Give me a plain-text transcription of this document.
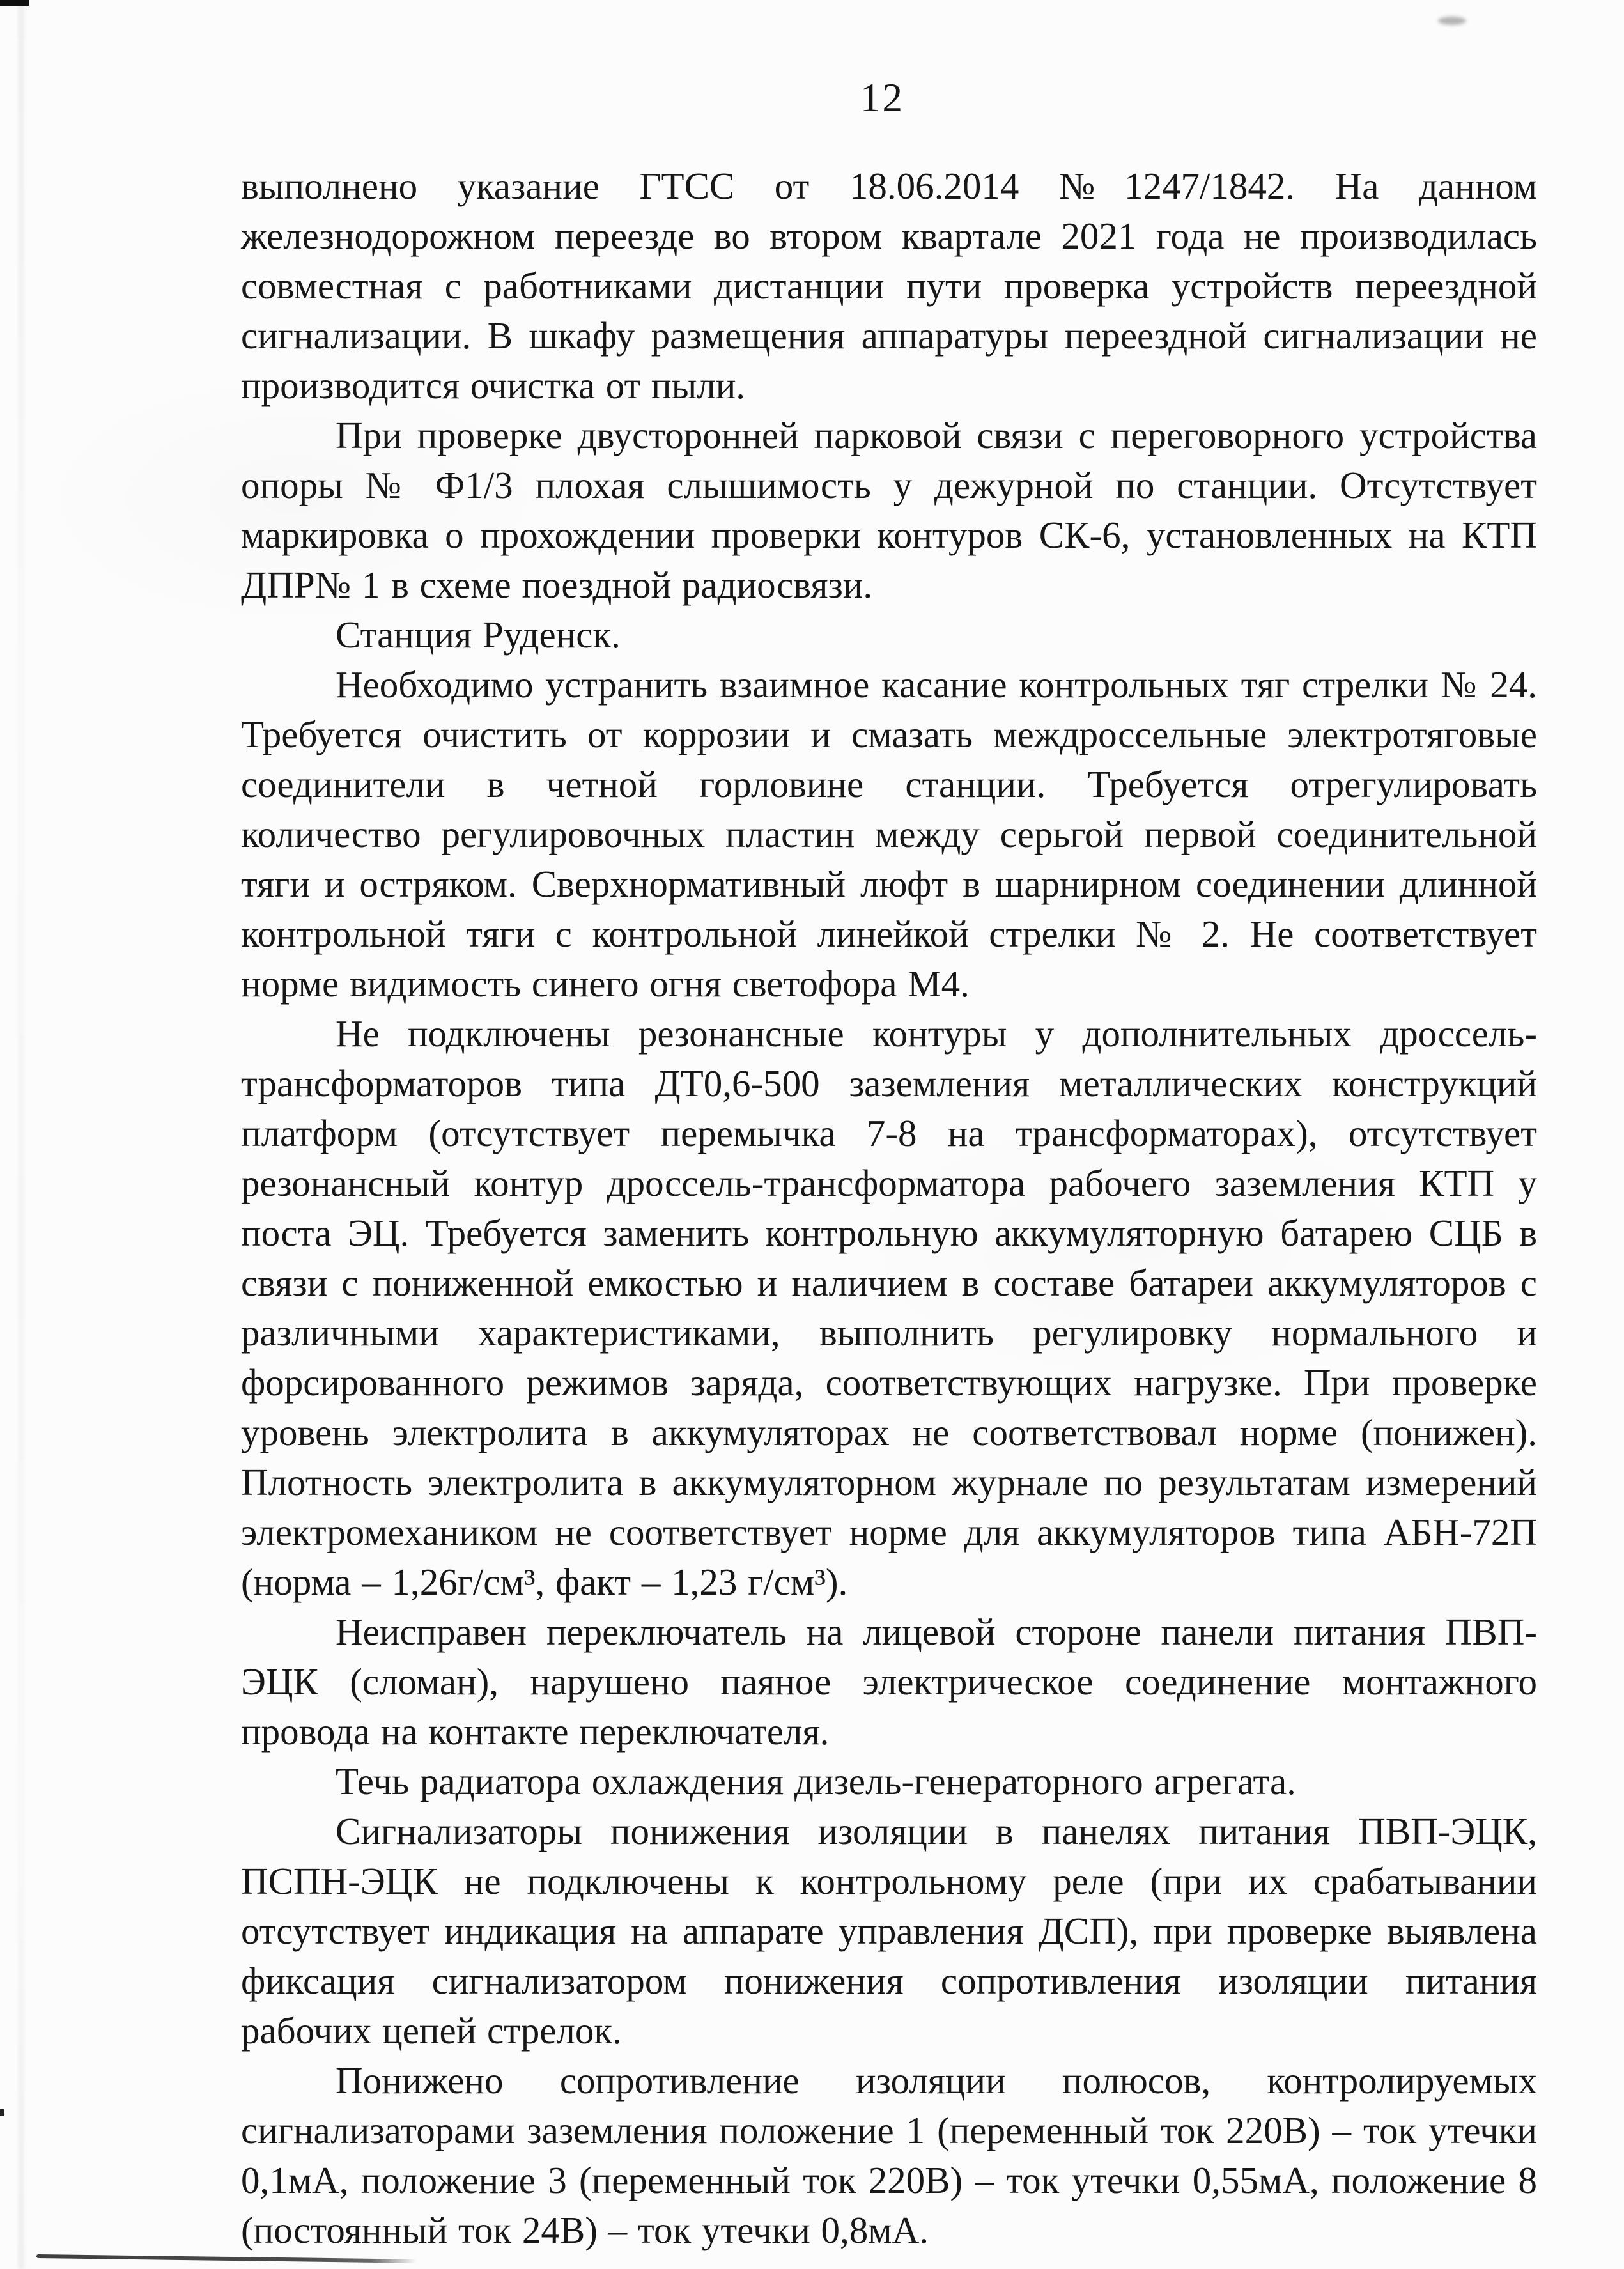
12

выполнено указание ГТСС от 18.06.2014 №1247/1842. На данном железнодорожном переезде во втором квартале 2021 года не производилась совместная с работниками дистанции пути проверка устройств переездной сигнализации. В шкафу размещения аппаратуры переездной сигнализации не производится очистка от пыли.

При проверке двусторонней парковой связи с переговорного устройства опоры № Ф1/3 плохая слышимость у дежурной по станции. Отсутствует маркировка о прохождении проверки контуров СК-6, установленных на КТП ДПР№ 1 в схеме поездной радиосвязи.

Станция Руденск.

Необходимо устранить взаимное касание контрольных тяг стрелки № 24. Требуется очистить от коррозии и смазать междроссельные электротяговые соединители в четной горловине станции. Требуется отрегулировать количество регулировочных пластин между серьгой первой соединительной тяги и остряком. Сверхнормативный люфт в шарнирном соединении длинной контрольной тяги с контрольной линейкой стрелки № 2. Не соответствует норме видимость синего огня светофора М4.

Не подключены резонансные контуры у дополнительных дроссель-трансформаторов типа ДТ0,6-500 заземления металлических конструкций платформ (отсутствует перемычка 7-8 на трансформаторах), отсутствует резонансный контур дроссель-трансформатора рабочего заземления КТП у поста ЭЦ. Требуется заменить контрольную аккумуляторную батарею СЦБ в связи с пониженной емкостью и наличием в составе батареи аккумуляторов с различными характеристиками, выполнить регулировку нормального и форсированного режимов заряда, соответствующих нагрузке. При проверке уровень электролита в аккумуляторах не соответствовал норме (понижен). Плотность электролита в аккумуляторном журнале по результатам измерений электромехаником не соответствует норме для аккумуляторов типа АБН-72П (норма – 1,26г/см³, факт – 1,23 г/см³).

Неисправен переключатель на лицевой стороне панели питания ПВП-ЭЦК (сломан), нарушено паяное электрическое соединение монтажного провода на контакте переключателя.

Течь радиатора охлаждения дизель-генераторного агрегата.

Сигнализаторы понижения изоляции в панелях питания ПВП-ЭЦК, ПСПН-ЭЦК не подключены к контрольному реле (при их срабатывании отсутствует индикация на аппарате управления ДСП), при проверке выявлена фиксация сигнализатором понижения сопротивления изоляции питания рабочих цепей стрелок.

Понижено сопротивление изоляции полюсов, контролируемых сигнализаторами заземления положение 1 (переменный ток 220В) – ток утечки 0,1мА, положение 3 (переменный ток 220В) – ток утечки 0,55мА, положение 8 (постоянный ток 24В) – ток утечки 0,8мА.
